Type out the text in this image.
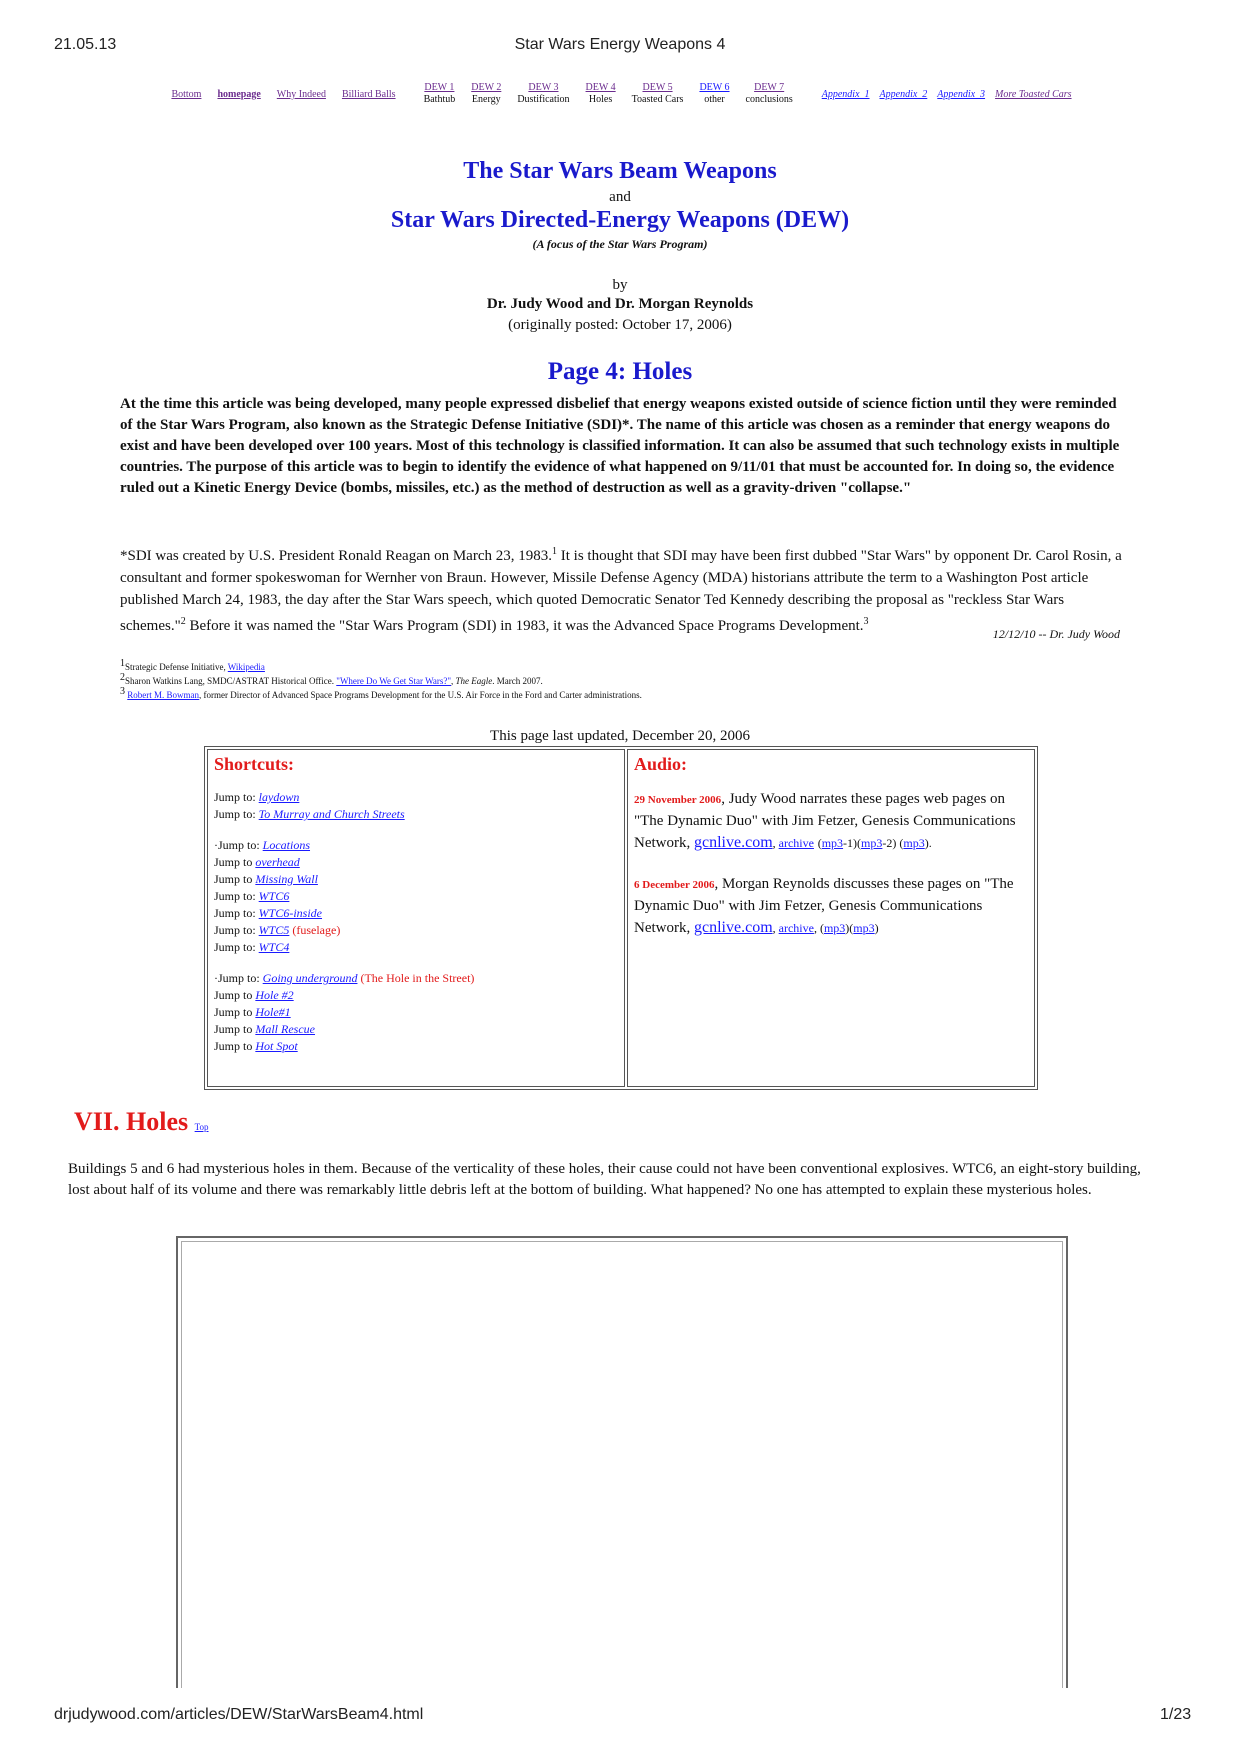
21.05.13	Star Wars Energy Weapons 4
Bottom homepage Why Indeed Billiard Balls
DEW 1
Bathtub
DEW 2
Energy
DEW 3
Dustification
DEW 4
Holes
DEW 5
Toasted Cars
DEW 6
other
DEW 7
conclusions	Appendix_1 Appendix_2 Appendix_3 More Toasted Cars
The Star Wars Beam Weapons
and
Star Wars Directed-Energy Weapons (DEW)
(A focus of the Star Wars Program)
by
Dr. Judy Wood and Dr. Morgan Reynolds
(originally posted: October 17, 2006)
Page 4: Holes
At the time this article was being developed, many people expressed disbelief that energy weapons existed outside of science fiction until they were reminded of the Star Wars Program, also known as the Strategic Defense Initiative (SDI)*. The name of this article was chosen as a reminder that energy weapons do exist and have been developed over 100 years. Most of this technology is classified information. It can also be assumed that such technology exists in multiple countries. The purpose of this article was to begin to identify the evidence of what happened on 9/11/01 that must be accounted for. In doing so, the evidence ruled out a Kinetic Energy Device (bombs, missiles, etc.) as the method of destruction as well as a gravity-driven "collapse."
*SDI was created by U.S. President Ronald Reagan on March 23, 1983.$^1$ It is thought that SDI may have been first dubbed "Star Wars" by opponent Dr. Carol Rosin, a consultant and former spokeswoman for Wernher von Braun. However, Missile Defense Agency (MDA) historians attribute the term to a Washington Post article published March 24, 1983, the day after the Star Wars speech, which quoted Democratic Senator Ted Kennedy describing the proposal as "reckless Star Wars schemes."$^2$ Before it was named the "Star Wars Program (SDI) in 1983, it was the Advanced Space Programs Development.$^3$
12/12/10 -- Dr. Judy Wood
$^1$Strategic Defense Initiative, Wikipedia
$^2$Sharon Watkins Lang, SMDC/ASTRAT Historical Office. "Where Do We Get Star Wars?", The Eagle. March 2007.
$^3$ Robert M. Bowman, former Director of Advanced Space Programs Development for the U.S. Air Force in the Ford and Carter administrations.
This page last updated, December 20, 2006
Shortcuts:
Jump to: laydown
Jump to: To Murray and Church Streets
·Jump to: Locations
Jump to overhead
Jump to Missing Wall
Jump to: WTC6
Jump to: WTC6-inside
Jump to: WTC5 (fuselage)
Jump to: WTC4
·Jump to: Going underground (The Hole in the Street)
Jump to Hole #2
Jump to Hole#1
Jump to Mall Rescue
Jump to Hot Spot

Audio:
29 November 2006, Judy Wood narrates these pages web pages on
"The Dynamic Duo" with Jim Fetzer, Genesis Communications Network, gcnlive.com, archive (mp3-1)(mp3-2) (mp3).
6 December 2006, Morgan Reynolds discusses these pages on "The Dynamic Duo" with Jim Fetzer, Genesis Communications Network, gcnlive.com, archive, (mp3)(mp3)
VII. Holes Top
Buildings 5 and 6 had mysterious holes in them. Because of the verticality of these holes, their cause could not have been conventional explosives. WTC6, an eight-story building, lost about half of its volume and there was remarkably little debris left at the bottom of building. What happened? No one has attempted to explain these mysterious holes.
drjudywood.com/articles/DEW/StarWarsBeam4.html	1/23
